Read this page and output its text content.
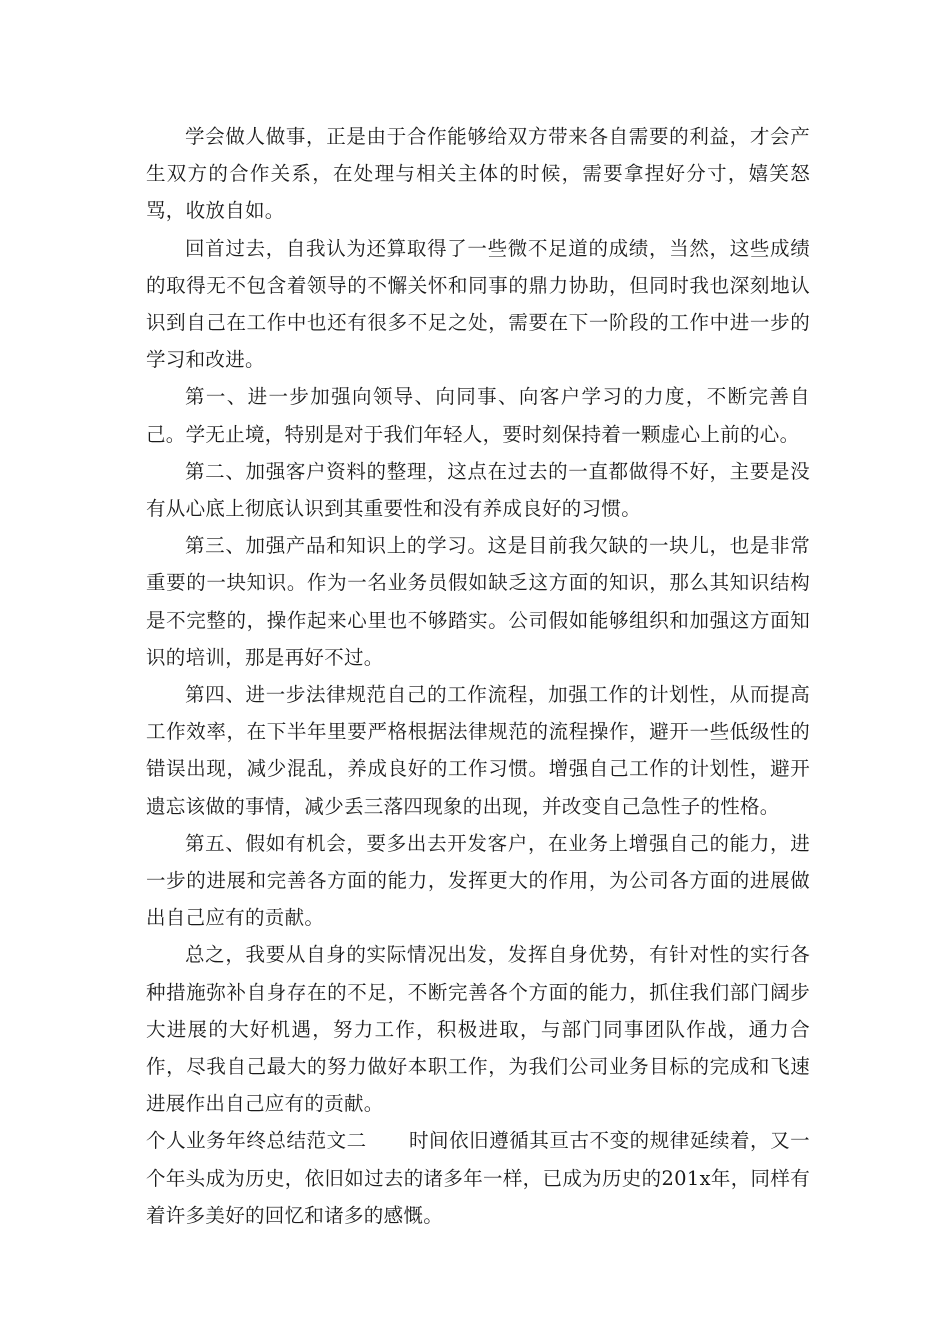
学会做人做事，正是由于合作能够给双方带来各自需要的利益，才会产生双方的合作关系，在处理与相关主体的时候，需要拿捏好分寸，嬉笑怒骂，收放自如。

回首过去，自我认为还算取得了一些微不足道的成绩，当然，这些成绩的取得无不包含着领导的不懈关怀和同事的鼎力协助，但同时我也深刻地认识到自己在工作中也还有很多不足之处，需要在下一阶段的工作中进一步的学习和改进。

第一、进一步加强向领导、向同事、向客户学习的力度，不断完善自己。学无止境，特别是对于我们年轻人，要时刻保持着一颗虚心上前的心。

第二、加强客户资料的整理，这点在过去的一直都做得不好，主要是没有从心底上彻底认识到其重要性和没有养成良好的习惯。

第三、加强产品和知识上的学习。这是目前我欠缺的一块儿，也是非常重要的一块知识。作为一名业务员假如缺乏这方面的知识，那么其知识结构是不完整的，操作起来心里也不够踏实。公司假如能够组织和加强这方面知识的培训，那是再好不过。

第四、进一步法律规范自己的工作流程，加强工作的计划性，从而提高工作效率，在下半年里要严格根据法律规范的流程操作，避开一些低级性的错误出现，减少混乱，养成良好的工作习惯。增强自己工作的计划性，避开遗忘该做的事情，减少丢三落四现象的出现，并改变自己急性子的性格。

第五、假如有机会，要多出去开发客户，在业务上增强自己的能力，进一步的进展和完善各方面的能力，发挥更大的作用，为公司各方面的进展做出自己应有的贡献。

总之，我要从自身的实际情况出发，发挥自身优势，有针对性的实行各种措施弥补自身存在的不足，不断完善各个方面的能力，抓住我们部门阔步大进展的大好机遇，努力工作，积极进取，与部门同事团队作战，通力合作，尽我自己最大的努力做好本职工作，为我们公司业务目标的完成和飞速进展作出自己应有的贡献。

个人业务年终总结范文二 时间依旧遵循其亘古不变的规律延续着，又一个年头成为历史，依旧如过去的诸多年一样，已成为历史的201x年，同样有着许多美好的回忆和诸多的感慨。
